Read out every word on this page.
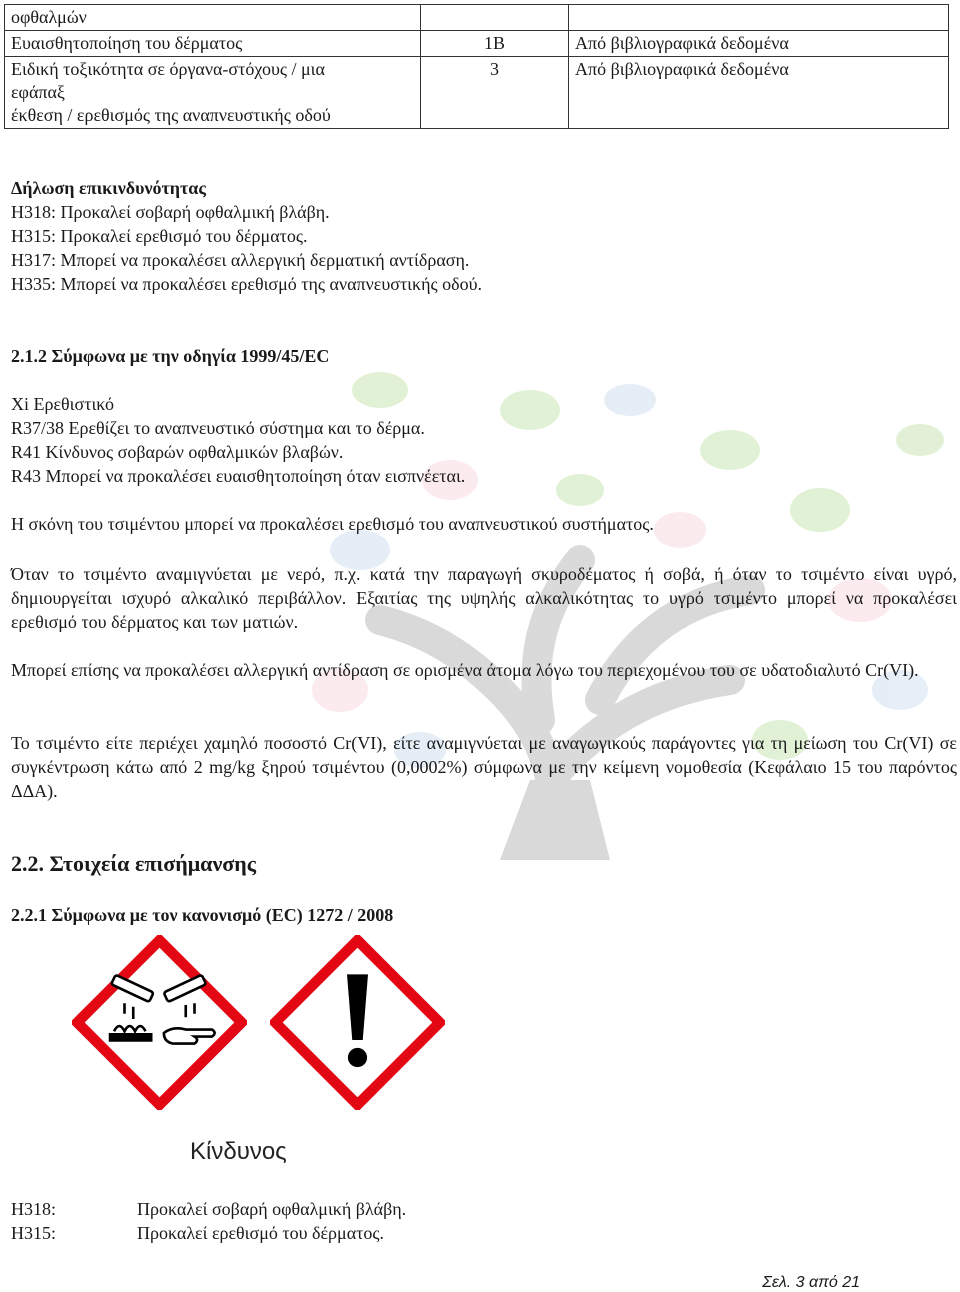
οφθαλμών		
Ευαισθητοποίηση του δέρματος	1B	Από βιβλιογραφικά δεδομένα

Ειδική τοξικότητα σε όργανα-στόχους / μια
εφάπαξ
έκθεση / ερεθισμός της αναπνευστικής οδού	3	Από βιβλιογραφικά δεδομένα
Δήλωση επικινδυνότητας
H318: Προκαλεί σοβαρή οφθαλμική βλάβη.
H315: Προκαλεί ερεθισμό του δέρματος.
H317: Μπορεί να προκαλέσει αλλεργική δερματική αντίδραση.
H335: Μπορεί να προκαλέσει ερεθισμό της αναπνευστικής οδού.
2.1.2 Σύμφωνα με την οδηγία 1999/45/EC
Xi Ερεθιστικό
R37/38 Ερεθίζει το αναπνευστικό σύστημα και το δέρμα.
R41 Κίνδυνος σοβαρών οφθαλμικών βλαβών.
R43 Μπορεί να προκαλέσει ευαισθητοποίηση όταν εισπνέεται.
Η σκόνη του τσιμέντου μπορεί να προκαλέσει ερεθισμό του αναπνευστικού συστήματος.
Όταν το τσιμέντο αναμιγνύεται με νερό, π.χ. κατά την παραγωγή σκυροδέματος ή σοβά, ή όταν το τσιμέντο είναι υγρό, δημιουργείται ισχυρό αλκαλικό περιβάλλον. Εξαιτίας της υψηλής αλκαλικότητας το υγρό τσιμέντο μπορεί να προκαλέσει ερεθισμό του δέρματος και των ματιών.
Μπορεί επίσης να προκαλέσει αλλεργική αντίδραση σε ορισμένα άτομα λόγω του περιεχομένου του σε υδατοδιαλυτό Cr(VI).
Το τσιμέντο είτε περιέχει χαμηλό ποσοστό Cr(VI), είτε αναμιγνύεται με αναγωγικούς παράγοντες για τη μείωση του Cr(VI) σε συγκέντρωση κάτω από 2 mg/kg ξηρού τσιμέντου (0,0002%) σύμφωνα με την κείμενη νομοθεσία (Κεφάλαιο 15 του παρόντος ΔΔΑ).
2.2. Στοιχεία επισήμανσης
2.2.1 Σύμφωνα με τον κανονισμό (EC) 1272 / 2008
Κίνδυνος
H318:	Προκαλεί σοβαρή οφθαλμική βλάβη.
H315:	Προκαλεί ερεθισμό του δέρματος.
Σελ. 3 από 21
